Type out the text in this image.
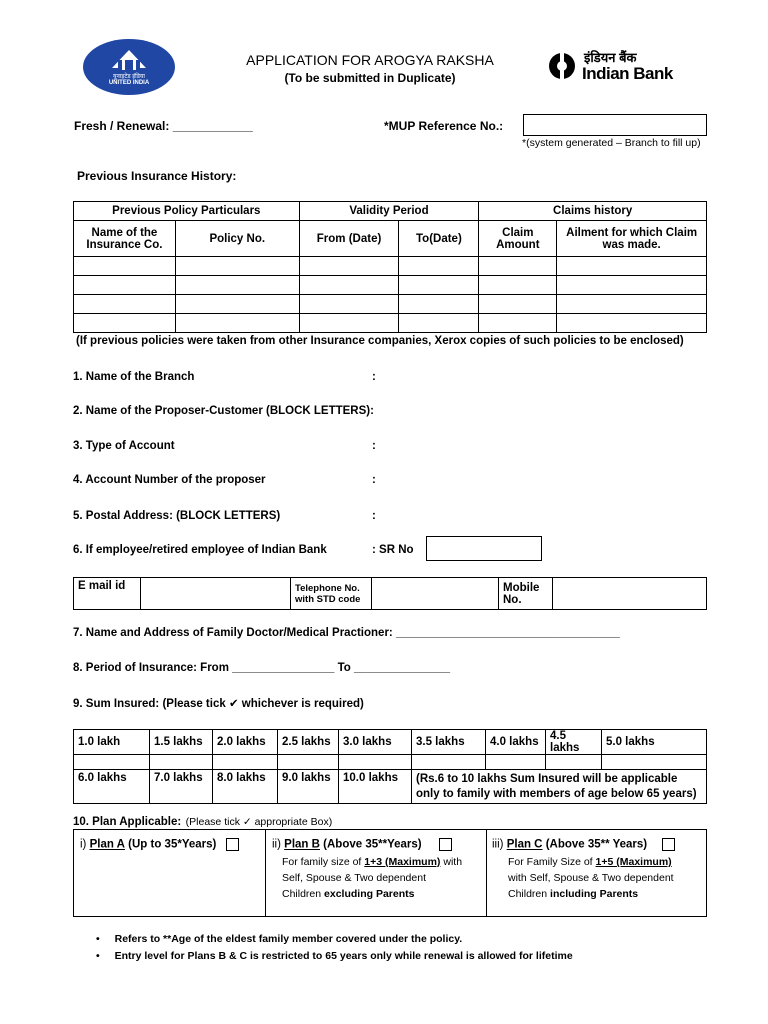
यूनाइटेड इंडिया
UNITED INDIA
APPLICATION FOR AROGYA RAKSHA
(To be submitted in Duplicate)
इंडियन बैंक
Indian Bank
Fresh / Renewal: ____________	*MUP Reference No.:
*(system generated – Branch to fill up)
Previous Insurance History:
Previous Policy Particulars		Validity Period		Claims history	
Name of the Insurance Co.	Policy No.	From (Date)	To(Date)	Claim Amount	Ailment for which Claim was made.

(If previous policies were taken from other Insurance companies, Xerox copies of such policies to be enclosed)
1. Name of the Branch	:
2. Name of the Proposer-Customer (BLOCK LETTERS):
3. Type of Account	:
4. Account Number of the proposer	:
5. Postal Address: (BLOCK LETTERS)	:
6. If employee/retired employee of Indian Bank	: SR No
E mail id		Telephone No. with STD code		Mobile No.	
7. Name and Address of Family Doctor/Medical Practioner: ___________________________________
8. Period of Insurance: From ________________ To _______________
9. Sum Insured: (Please tick ✔ whichever is required)
1.0 lakh	1.5 lakhs	2.0 lakhs	2.5 lakhs	3.0 lakhs	3.5 lakhs	4.0 lakhs	4.5 lakhs	5.0 lakhs

6.0 lakhs	7.0 lakhs	8.0 lakhs	9.0 lakhs	10.0 lakhs	(Rs.6 to 10 lakhs Sum Insured will be applicable only to family with members of age below 65 years)			
10. Plan Applicable: (Please tick ✓ appropriate Box)
i) Plan A (Up to 35*Years)	ii) Plan B (Above 35**Years)
For family size of 1+3 (Maximum) with
Self, Spouse & Two dependent
Children excluding Parents
iii) Plan C (Above 35** Years)
For Family Size of 1+5 (Maximum)
with Self, Spouse & Two dependent
Children including Parents
• Refers to **Age of the eldest family member covered under the policy.
• Entry level for Plans B & C is restricted to 65 years only while renewal is allowed for lifetime
